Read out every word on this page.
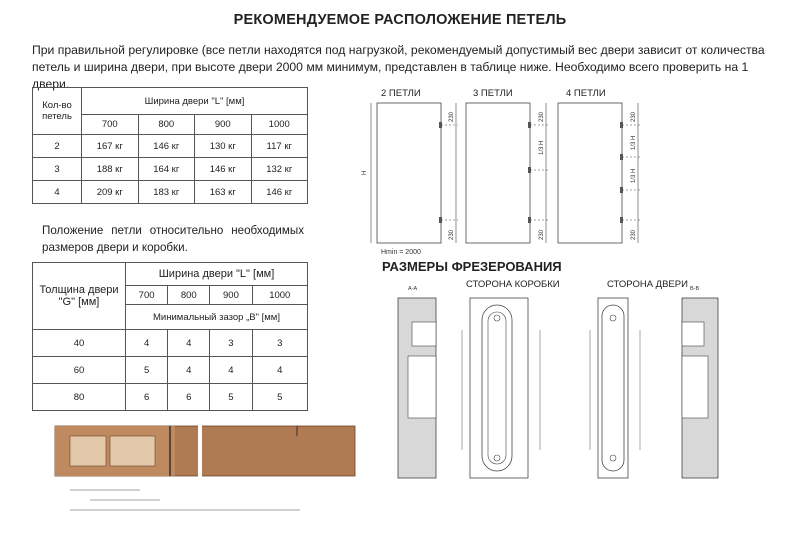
РЕКОМЕНДУЕМОЕ РАСПОЛОЖЕНИЕ ПЕТЕЛЬ
При правильной регулировке (все петли находятся под нагрузкой, рекомендуемый допустимый вес двери зависит от количества петель и ширина двери, при высоте двери 2000 мм минимум, представлен в таблице ниже. Необходимо всего проверить на 1 двери.
Кол-во петель	Ширина двери "L" [мм]			
	700	800	900	1000
2	167 кг	146 кг	130 кг	117 кг
3	188 кг	164 кг	146 кг	132 кг
4	209 кг	183 кг	163 кг	146 кг
Положение петли относительно необходимых размеров двери и коробки.
Толщина двери "G" [мм]	Ширина двери "L" [мм]			
	700	800	900	1000
	Минимальный зазор „B" [мм]			
40	4	4	3	3
60	5	4	4	4
80	6	6	5	5
2 ПЕТЛИ	3 ПЕТЛИ	4 ПЕТЛИ
H
230
230
230
1/3 H
230
230
1/3 H
1/3 H
230
Hmin = 2000
A-A	B-B
РАЗМЕРЫ ФРЕЗЕРОВАНИЯ
СТОРОНА КОРОБКИ	СТОРОНА ДВЕРИ
